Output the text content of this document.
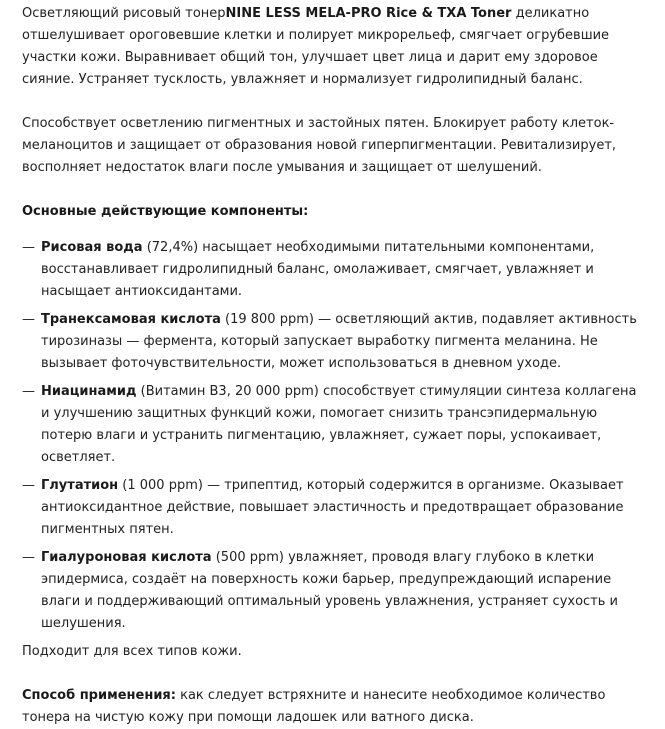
Осветляющий рисовый тонерNINE LESS MELA-PRO Rice & TXA Toner деликатно отшелушивает ороговевшие клетки и полирует микрорельеф, смягчает огрубевшие участки кожи. Выравнивает общий тон, улучшает цвет лица и дарит ему здоровое сияние. Устраняет тусклость, увлажняет и нормализует гидролипидный баланс.

Способствует осветлению пигментных и застойных пятен. Блокирует работу клеток-меланоцитов и защищает от образования новой гиперпигментации. Ревитализирует, восполняет недостаток влаги после умывания и защищает от шелушений.

Основные действующие компоненты:

— Рисовая вода (72,4%) насыщает необходимыми питательными компонентами, восстанавливает гидролипидный баланс, омолаживает, смягчает, увлажняет и насыщает антиоксидантами.
— Транексамовая кислота (19 800 ppm) — осветляющий актив, подавляет активность тирозиназы — фермента, который запускает выработку пигмента меланина. Не вызывает фоточувствительности, может использоваться в дневном уходе.
— Ниацинамид (Витамин B3, 20 000 ppm) способствует стимуляции синтеза коллагена и улучшению защитных функций кожи, помогает снизить трансэпидермальную потерю влаги и устранить пигментацию, увлажняет, сужает поры, успокаивает, осветляет.
— Глутатион (1 000 ppm) — трипептид, который содержится в организме. Оказывает антиоксидантное действие, повышает эластичность и предотвращает образование пигментных пятен.
— Гиалуроновая кислота (500 ppm) увлажняет, проводя влагу глубоко в клетки эпидермиса, создаёт на поверхность кожи барьер, предупреждающий испарение влаги и поддерживающий оптимальный уровень увлажнения, устраняет сухость и шелушения.

Подходит для всех типов кожи.

Способ применения: как следует встряхните и нанесите необходимое количество тонера на чистую кожу при помощи ладошек или ватного диска.
